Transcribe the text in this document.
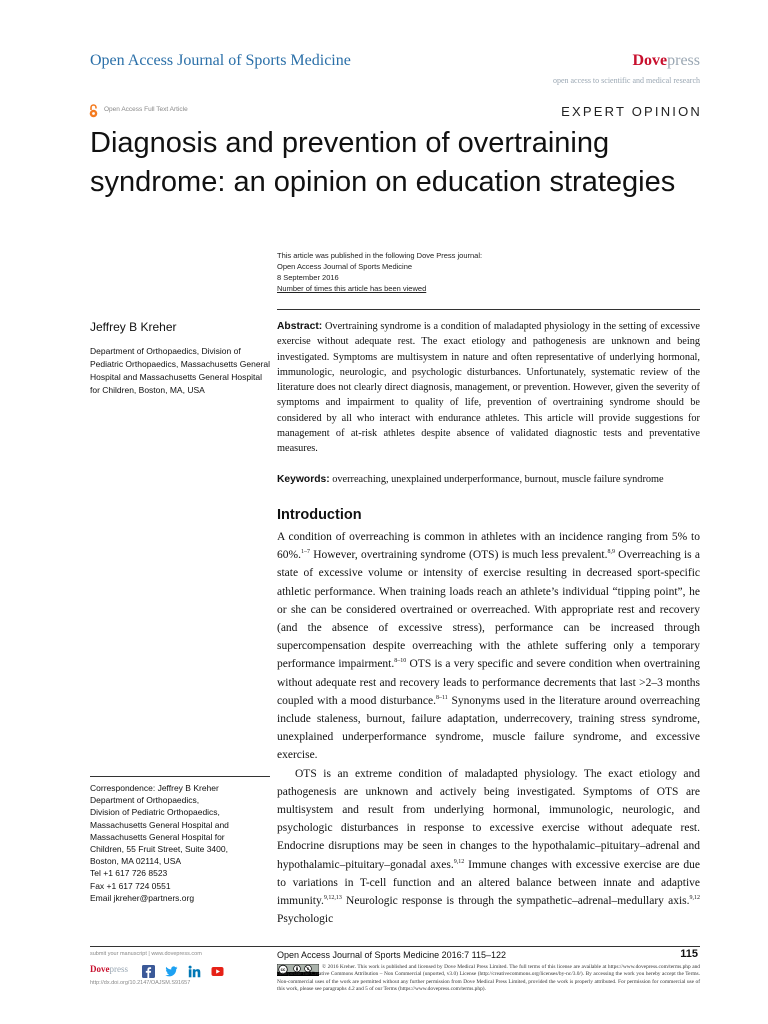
Open Access Journal of Sports Medicine	Dovepress
open access to scientific and medical research
Open Access Full Text Article	EXPERT OPINION
Diagnosis and prevention of overtraining syndrome: an opinion on education strategies
This article was published in the following Dove Press journal:
Open Access Journal of Sports Medicine
8 September 2016
Number of times this article has been viewed
Jeffrey B Kreher
Department of Orthopaedics, Division of Pediatric Orthopaedics, Massachusetts General Hospital and Massachusetts General Hospital for Children, Boston, MA, USA
Abstract: Overtraining syndrome is a condition of maladapted physiology in the setting of excessive exercise without adequate rest. The exact etiology and pathogenesis are unknown and being investigated. Symptoms are multisystem in nature and often representative of underlying hormonal, immunologic, neurologic, and psychologic disturbances. Unfortunately, systematic review of the literature does not clearly direct diagnosis, management, or prevention. However, given the severity of symptoms and impairment to quality of life, prevention of overtraining syndrome should be considered by all who interact with endurance athletes. This article will provide suggestions for management of at-risk athletes despite absence of validated diagnostic tests and preventative measures.
Keywords: overreaching, unexplained underperformance, burnout, muscle failure syndrome
Introduction

A condition of overreaching is common in athletes with an incidence ranging from 5% to 60%.$^{1-7}$ However, overtraining syndrome (OTS) is much less prevalent.$^{8,9}$ Overreaching is a state of excessive volume or intensity of exercise resulting in decreased sport-specific athletic performance. When training loads reach an athlete’s individual “tipping point”, he or she can be considered overtrained or overreached. With appropriate rest and recovery (and the absence of excessive stress), performance can be increased through supercompensation despite overreaching with the athlete suffering only a temporary performance impairment.$^{8-10}$ OTS is a very specific and severe condition when overtraining without adequate rest and recovery leads to performance decrements that last >2–3 months coupled with a mood disturbance.$^{8-11}$ Synonyms used in the literature around overreaching include staleness, burnout, failure adaptation, underrecovery, training stress syndrome, unexplained underperformance syndrome, muscle failure syndrome, and excessive exercise.

OTS is an extreme condition of maladapted physiology. The exact etiology and pathogenesis are unknown and actively being investigated. Symptoms of OTS are multisystem and result from underlying hormonal, immunologic, neurologic, and psychologic disturbances in response to excessive exercise without adequate rest. Endocrine disruptions may be seen in changes to the hypothalamic–pituitary–adrenal and hypothalamic–pituitary–gonadal axes.$^{9,12}$ Immune changes with excessive exercise are due to variations in T-cell function and an altered balance between innate and adaptive immunity.$^{9,12,13}$ Neurologic response is through the sympathetic–adrenal–medullary axis.$^{9,12}$ Psychologic

Correspondence: Jeffrey B Kreher
Department of Orthopaedics,
Division of Pediatric Orthopaedics,
Massachusetts General Hospital and
Massachusetts General Hospital for
Children, 55 Fruit Street, Suite 3400,
Boston, MA 02114, USA
Tel +1 617 726 8523
Fax +1 617 724 0551
Email jkreher@partners.org
submit your manuscript | www.dovepress.com
Dovepress

http://dx.doi.org/10.2147/OAJSM.S91657
Open Access Journal of Sports Medicine 2016:7 115–122	115
cc	© 2016 Kreher. This work is published and licensed by Dove Medical Press Limited. The full terms of this license are available at https://www.dovepress.com/terms.php and incorporate the Creative Commons Attribution – Non Commercial (unported, v3.0) License (http://creativecommons.org/licenses/by-nc/3.0/). By accessing the work you hereby accept the Terms. Non-commercial uses of the work are permitted without any further permission from Dove Medical Press Limited, provided the work is properly attributed. For permission for commercial use of this work, please see paragraphs 4.2 and 5 of our Terms (https://www.dovepress.com/terms.php).
